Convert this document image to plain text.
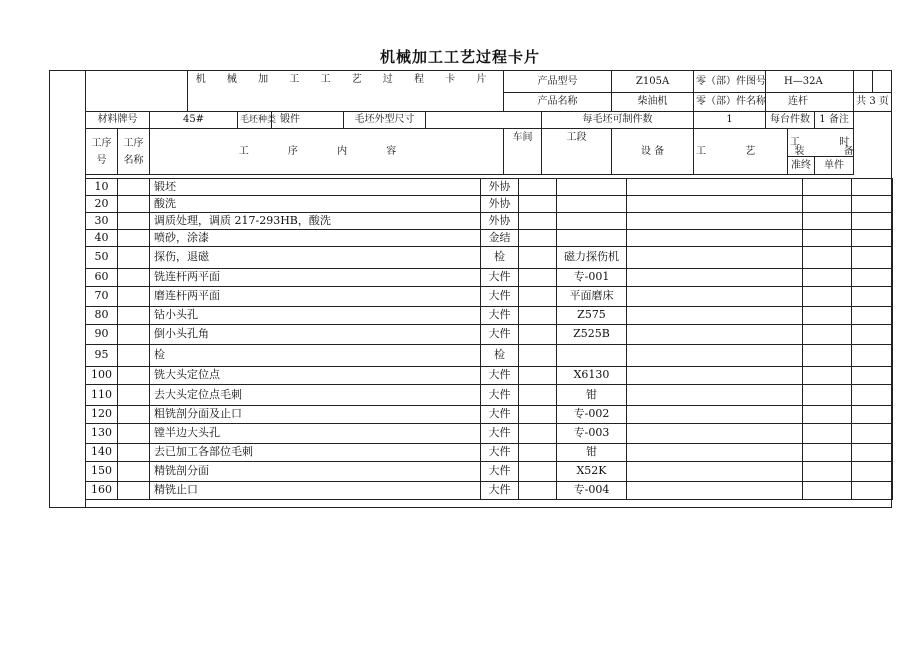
机械加工工艺过程卡片
			机 械 加 工 工 艺 过 程 卡 片					产品型号		Z105A	零（部）件图号	H—32A			
								产品名称		柴油机	零（部）件名称	连杆			共 3 页
材料牌号		45#		毛坯种类	锻件	毛坯外型尺寸			每毛坯可制件数		1	每台件数		1 备注	
工序号	工序名称	工 序 内 容						车间	工段	设 备	工 艺 装 备		工 时		
													准终	单件	
10		锻坯	外协					
20		酸洗	外协					
30		调质处理，调质 217-293HB，酸洗	外协					
40		喷砂，涂漆	金结					
50		探伤，退磁	检		磁力探伤机			
60		铣连杆两平面	大件		专-001			
70		磨连杆两平面	大件		平面磨床			
80		钻小头孔	大件		Z575			
90		倒小头孔角	大件		Z525B			
95		检	检					
100		铣大头定位点	大件		X6130			
110		去大头定位点毛刺	大件		钳			
120		粗铣剖分面及止口	大件		专-002			
130		镗半边大头孔	大件		专-003			
140		去已加工各部位毛刺	大件		钳			
150		精铣剖分面	大件		X52K			
160		精铣止口	大件		专-004			
